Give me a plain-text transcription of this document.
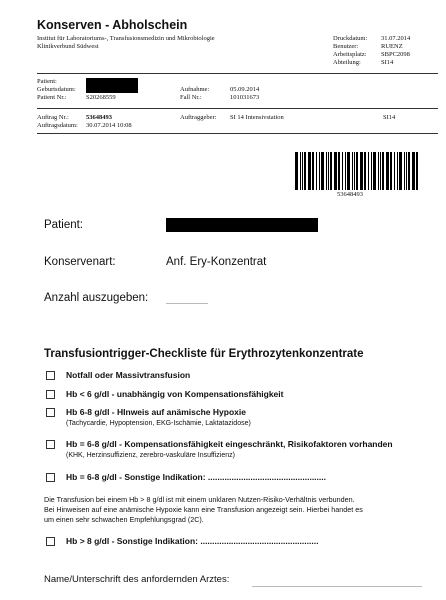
Konserven - Abholschein
Institut für Laboratoriums-, Transfusionsmedizin und Mikrobiologie
Klinikverbund Südwest
Druckdatum: 31.07.2014
Benutzer:	RUENZ
Arbeitsplatz: SBPC2098
Abteilung:	SI14
Patient:
Geburtsdatum:
Patient Nr.:	S20268559
Aufnahme:	05.09.2014
Fall Nr.:	101031673
Auftrag Nr.:	53648493
Auftragsdatum: 30.07.2014 10:08
Auftraggeber: SI 14 Intensivstation	SI14
53648493
Patient:
Konservenart:	Anf. Ery-Konzentrat
Anzahl auszugeben:
Transfusiontrigger-Checkliste für Erythrozytenkonzentrate
Notfall oder Massivtransfusion
Hb < 6 g/dl - unabhängig von Kompensationsfähigkeit
Hb 6-8 g/dl - HInweis auf anämische Hypoxie
(Tachycardie, Hypoptension, EKG-Ischämie, Laktatazidose)
Hb = 6-8 g/dl - Kompensationsfähigkeit eingeschränkt, Risikofaktoren vorhanden
(KHK, Herzinsuffizienz, zerebro-vaskuläre Insuffizienz)
Hb = 6-8 g/dl - Sonstige Indikation: ..................................................
Die Transfusion bei einem Hb > 8 g/dl ist mit einem unklaren Nutzen-Risiko-Verhältnis verbunden.
Bei Hinweisen auf eine anämische Hypoxie kann eine Transfusion angezeigt sein. Hierbei handet es
um einen sehr schwachen Empfehlungsgrad (2C).
Hb > 8 g/dl - Sonstige Indikation: ..................................................
Name/Unterschrift des anfordernden Arztes:
